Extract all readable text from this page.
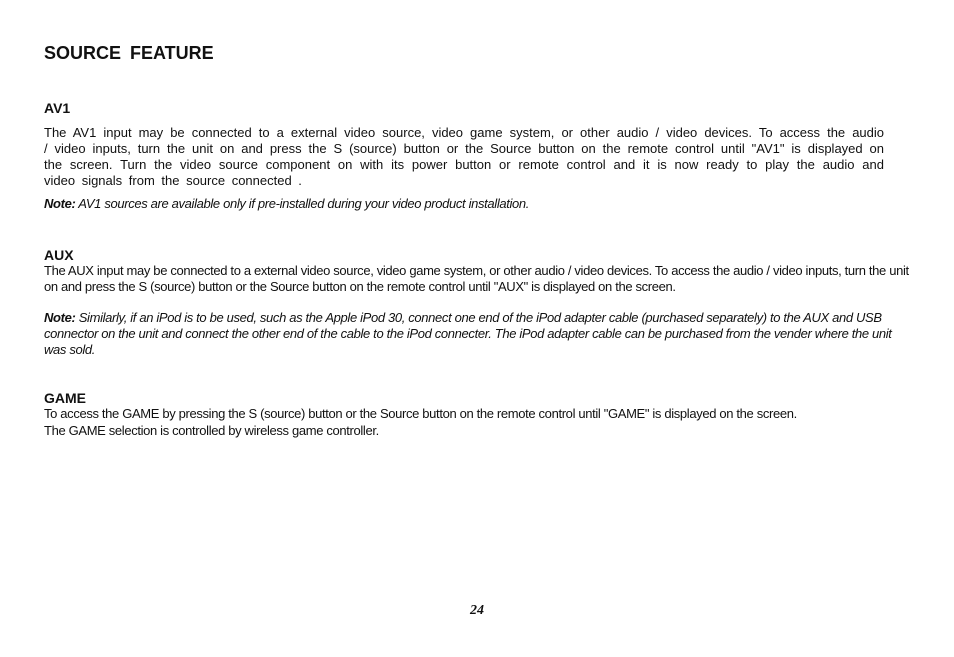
SOURCE FEATURE
AV1

The AV1 input may be connected to a external video source, video game system, or other audio / video devices. To access the audio / video inputs, turn the unit on and press the S (source) button or the Source button on the remote control until "AV1" is displayed on the screen. Turn the video source component on with its power button or remote control and it is now ready to play the audio and video signals from the source connected .

Note: AV1 sources are available only if pre-installed during your video product installation.

AUX

The AUX input may be connected to a external video source, video game system, or other audio / video devices. To access the audio / video inputs, turn the unit on and press the S (source) button or the Source button on the remote control until "AUX" is displayed on the screen.

Note: Similarly, if an iPod is to be used, such as the Apple iPod 30, connect one end of the iPod adapter cable (purchased separately) to the AUX and USB connector on the unit and connect the other end of the cable to the iPod connecter. The iPod adapter cable can be purchased from the vender where the unit was sold.

GAME

To access the GAME by pressing the S (source) button or the Source button on the remote control until "GAME" is displayed on the screen.

The GAME selection is controlled by wireless game controller.

24
